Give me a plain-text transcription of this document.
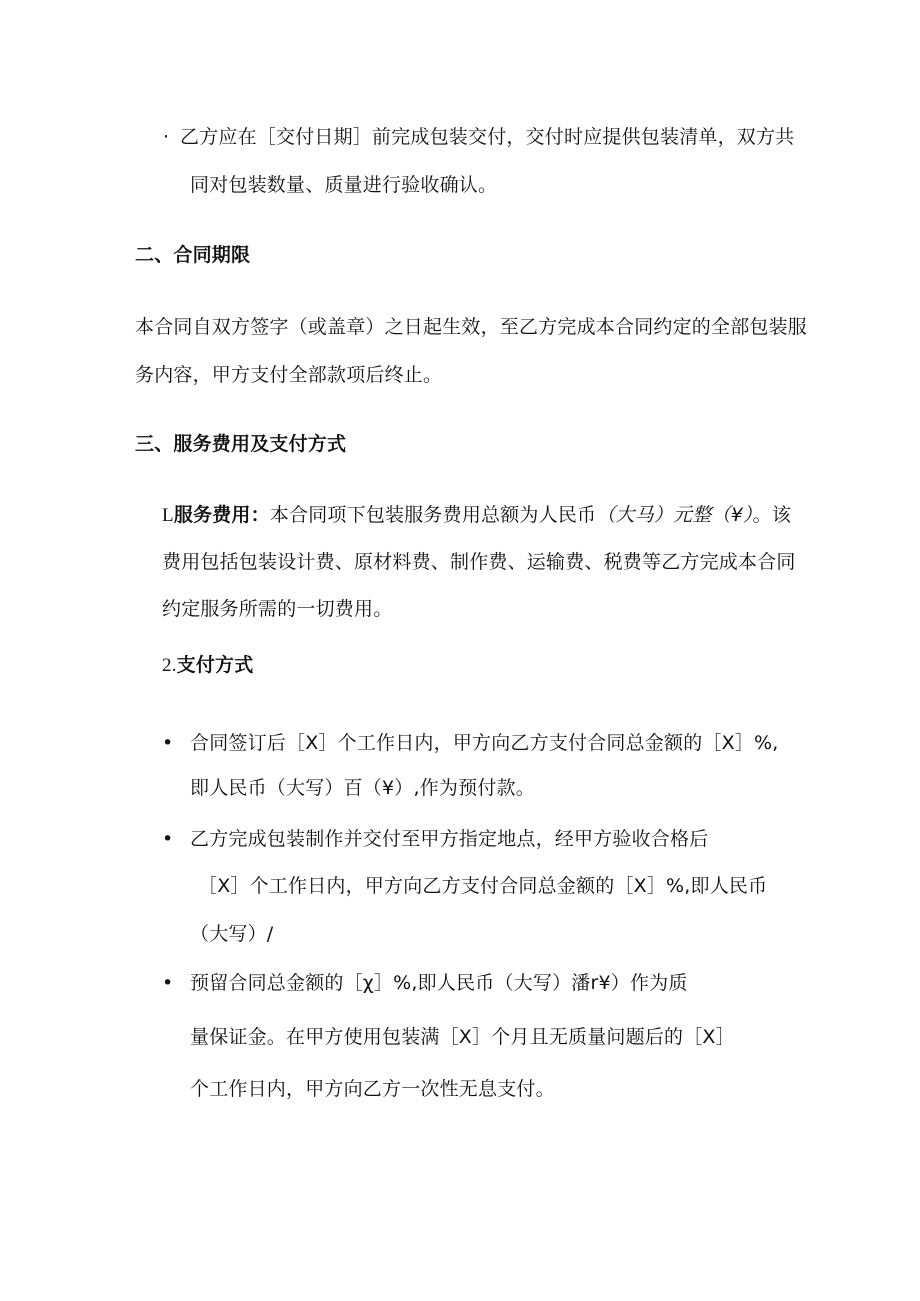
· 乙方应在［交付日期］前完成包装交付，交付时应提供包装清单，双方共
同对包装数量、质量进行验收确认。
二、合同期限
本合同自双方签字（或盖章）之日起生效，至乙方完成本合同约定的全部包装服
务内容，甲方支付全部款项后终止。
三、服务费用及支付方式
L服务费用：本合同项下包装服务费用总额为人民币（大马）元整（¥）。该
费用包括包装设计费、原材料费、制作费、运输费、税费等乙方完成本合同
约定服务所需的一切费用。
2.支付方式
• 合同签订后［X］个工作日内，甲方向乙方支付合同总金额的［X］%,
即人民币（大写）百（¥）,作为预付款。
• 乙方完成包装制作并交付至甲方指定地点，经甲方验收合格后
［X］个工作日内，甲方向乙方支付合同总金额的［X］%,即人民币
（大写）/
• 预留合同总金额的［χ］%,即人民币（大写）潘r¥）作为质
量保证金。在甲方使用包装满［X］个月且无质量问题后的［X］
个工作日内，甲方向乙方一次性无息支付。
